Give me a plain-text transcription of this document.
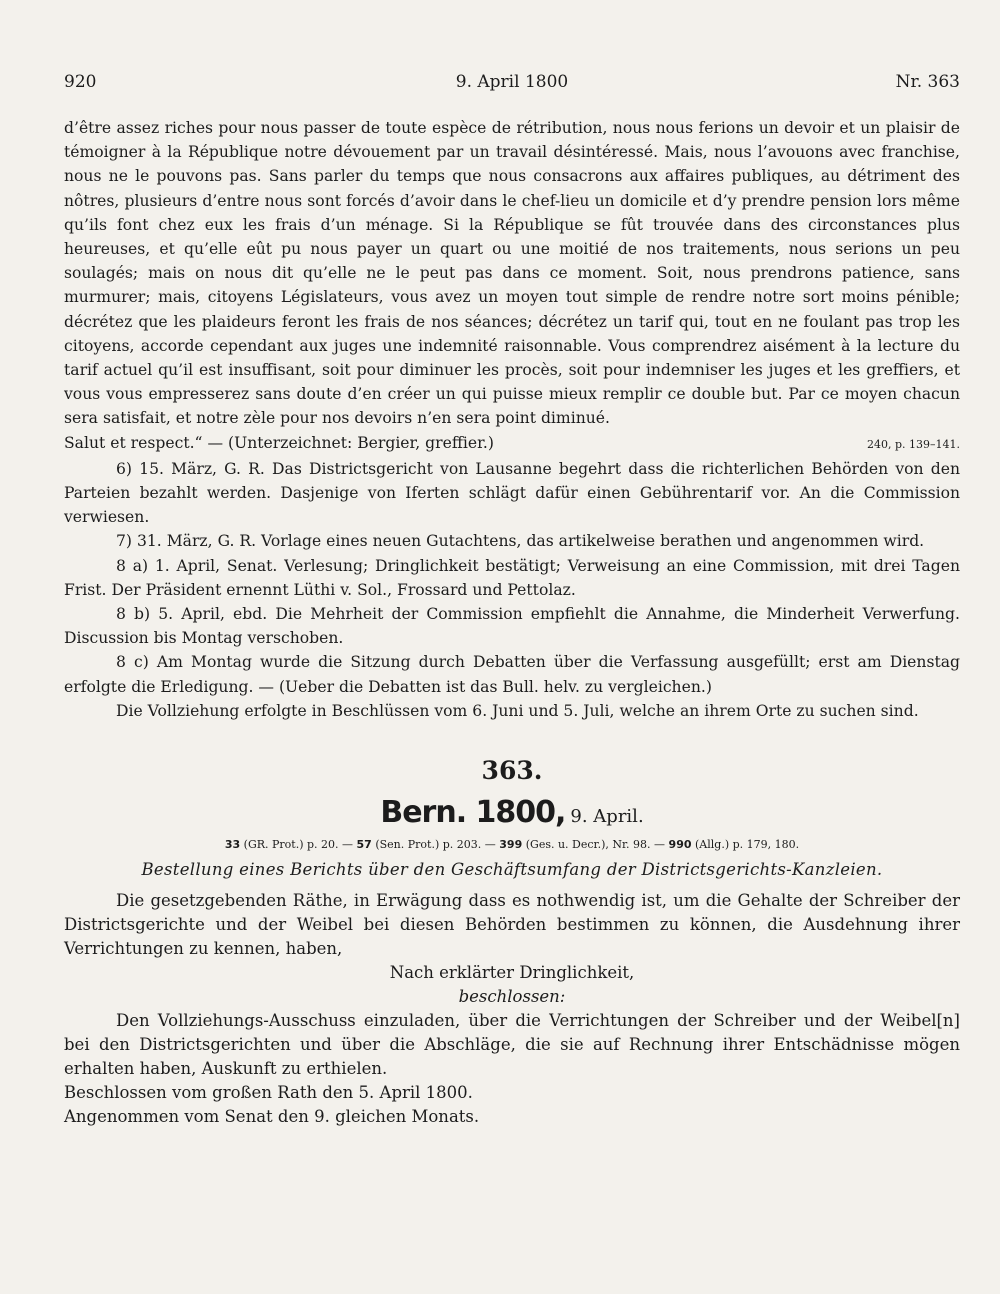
920	9. April 1800	Nr. 363

d’être assez riches pour nous passer de toute espèce de rétribution, nous nous ferions un devoir et un plaisir de témoigner à la République notre dévouement par un travail désintéressé. Mais, nous l’avouons avec franchise, nous ne le pouvons pas. Sans parler du temps que nous consacrons aux affaires publiques, au détriment des nôtres, plusieurs d’entre nous sont forcés d’avoir dans le chef-lieu un domicile et d’y prendre pension lors même qu’ils font chez eux les frais d’un ménage. Si la République se fût trouvée dans des circonstances plus heureuses, et qu’elle eût pu nous payer un quart ou une moitié de nos traitements, nous serions un peu soulagés; mais on nous dit qu’elle ne le peut pas dans ce moment. Soit, nous prendrons patience, sans murmurer; mais, citoyens Législateurs, vous avez un moyen tout simple de rendre notre sort moins pénible; décrétez que les plaideurs feront les frais de nos séances; décrétez un tarif qui, tout en ne foulant pas trop les citoyens, accorde cependant aux juges une indemnité raisonnable. Vous comprendrez aisément à la lecture du tarif actuel qu’il est insuffisant, soit pour diminuer les procès, soit pour indemniser les juges et les greffiers, et vous vous empresserez sans doute d’en créer un qui puisse mieux remplir ce double but. Par ce moyen chacun sera satisfait, et notre zèle pour nos devoirs n’en sera point diminué.

Salut et respect.“ — (Unterzeichnet: Bergier, greffier.)	240, p. 139–141.

6) 15. März, G. R. Das Districtsgericht von Lausanne begehrt dass die richterlichen Behörden von den Parteien bezahlt werden. Dasjenige von Iferten schlägt dafür einen Gebührentarif vor. An die Commission verwiesen.

7) 31. März, G. R. Vorlage eines neuen Gutachtens, das artikelweise berathen und angenommen wird.

8 a) 1. April, Senat. Verlesung; Dringlichkeit bestätigt; Verweisung an eine Commission, mit drei Tagen Frist. Der Präsident ernennt Lüthi v. Sol., Frossard und Pettolaz.

8 b) 5. April, ebd. Die Mehrheit der Commission empfiehlt die Annahme, die Minderheit Verwerfung. Discussion bis Montag verschoben.

8 c) Am Montag wurde die Sitzung durch Debatten über die Verfassung ausgefüllt; erst am Dienstag erfolgte die Erledigung. — (Ueber die Debatten ist das Bull. helv. zu vergleichen.)

Die Vollziehung erfolgte in Beschlüssen vom 6. Juni und 5. Juli, welche an ihrem Orte zu suchen sind.

363.
Bern. 1800, 9. April.
33 (GR. Prot.) p. 20. — 57 (Sen. Prot.) p. 203. — 399 (Ges. u. Decr.), Nr. 98. — 990 (Allg.) p. 179, 180.
Bestellung eines Berichts über den Geschäftsumfang der Districtsgerichts-Kanzleien.

Die gesetzgebenden Räthe, in Erwägung dass es nothwendig ist, um die Gehalte der Schreiber der Districtsgerichte und der Weibel bei diesen Behörden bestimmen zu können, die Ausdehnung ihrer Verrichtungen zu kennen, haben,

Nach erklärter Dringlichkeit,

beschlossen:

Den Vollziehungs-Ausschuss einzuladen, über die Verrichtungen der Schreiber und der Weibel[n] bei den Districtsgerichten und über die Abschläge, die sie auf Rechnung ihrer Entschädnisse mögen erhalten haben, Auskunft zu erthielen.

Beschlossen vom großen Rath den 5. April 1800.

Angenommen vom Senat den 9. gleichen Monats.
